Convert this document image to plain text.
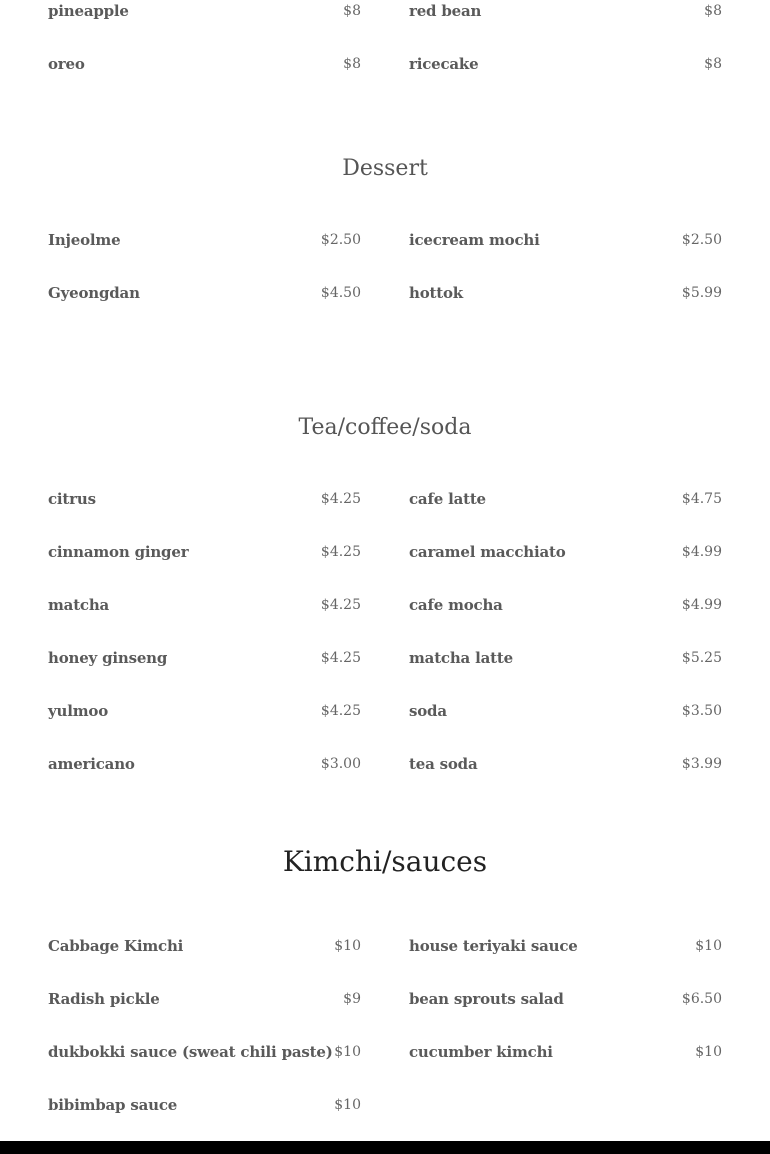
pineapple	$8	red bean	$8
oreo	$8	ricecake	$8
Dessert
Injeolme	$2.50	icecream mochi	$2.50
Gyeongdan	$4.50	hottok	$5.99
Tea/coffee/soda
citrus	$4.25	cafe latte	$4.75
cinnamon ginger	$4.25	caramel macchiato	$4.99
matcha	$4.25	cafe mocha	$4.99
honey ginseng	$4.25	matcha latte	$5.25
yulmoo	$4.25	soda	$3.50
americano	$3.00	tea soda	$3.99
Kimchi/sauces
Cabbage Kimchi	$10	house teriyaki sauce	$10
Radish pickle	$9	bean sprouts salad	$6.50
dukbokki sauce (sweat chili paste) $10	cucumber kimchi	$10
bibimbap sauce	$10
